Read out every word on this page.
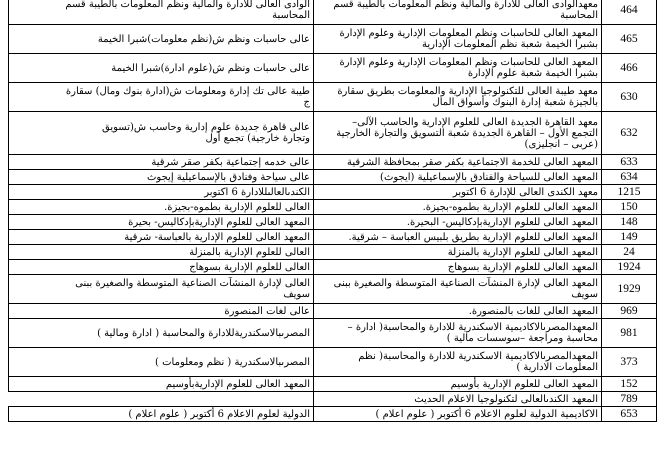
الوادى العالى للادارة والمالية ونظم المعلومات بالطيبة قسم
المحاسبة	معهدالوادى العالى للادارة والمالية ونظم المعلومات بالطيبة قسم
المحاسبة	464

عالى حاسبات ونظم ش(نظم معلومات)شبرا الخيمة	المعهد العالى للحاسبات ونظم المعلومات الإدارية وعلوم الإدارة
بشبرا الخيمة شعبة نظم المعلومات الإدارية	465

عالى حاسبات ونظم ش(علوم ادارة)شبرا الخيمة	المعهد العالى للحاسبات ونظم المعلومات الإدارية وعلوم الإدارة
بشبرا الخيمة شعبة علوم الإدارة	466

طيبة عالى تك إدارة ومعلومات ش(ادارة بنوك ومال) سقارة
ج	معهد طيبة العالى للتكنولوجيا الإدارية والمعلومات بطريق سقارة
بالجيزة شعبة إدارة البنوك وأسواق المال	630

عالى قاهرة جديدة علوم إدارية وحاسب ش(تسويق
وتجارة خارجية) تجمع أول	معهد القاهرة الجديدة العالى للعلوم الإدارية والحاسب الآلى–
التجمع الأول – القاهرة الجديدة شعبة التسويق والتجارة الخارجية
(عربى – انجليزى)	632

عالى خدمه إجتماعية بكفر صقر شرقية	المعهد العالى للخدمة الاجتماعية بكفر صقر بمحافظة الشرقية	633

عالى سياحة وفنادق بالإسماعيلية إيجوث	المعهد العالى للسياحة والفنادق بالإسماعيلية (ايجوث)	634

الكندىالعالىللادارة 6 اكتوبر	معهد الكندى العالى للإدارة 6 اكتوبر	1215

العالى للعلوم الإدارية بطموه-بجيزة.	المعهد العالى للعلوم الإدارية بطموه-بجيزة.	150

المعهد العالى للعلوم الإداريةبإدكاليس- بحيرة	المعهد العالى للعلوم الإداريةبإدكاليس- البحيرة.	148

المعهد العالى للعلوم الإدارية بالعباسة- شرقية	المعهد العالى للعلوم الإدارية بطريق بلبيس العباسة – شرقية.	149

العالى للعلوم الإدارية بالمنزلة	المعهد العالى للعلوم الإدارية بالمنزلة	24

العالى للعلوم الإدارية بسوهاج	المعهد العالى للعلوم الإدارية بسوهاج	1924

العالى لإدارة المنشآت الصناعية المتوسطة والصغيرة ببنى
سويف	المعهد العالى لإدارة المنشآت الصناعية المتوسطة والصغيرة ببنى
سويف	1929

عالى لغات المنصورة	المعهد العالى للغات بالمنصورة.	969

المصرىبالاسكندريةللادارة والمحاسبة ( ادارة ومالية )	المعهدالمصرىالاكاديمية الاسكندرية للادارة والمحاسبة( ادارة –
محاسبة ومراجعة –سوسسات مالية )	981

المصرىبالاسكندرية ( نظم ومعلومات )	المعهدالمصرىالاكاديمية الاسكندرية للادارة والمحاسبة( نظم
المعلومات الادارية )	373

المعهد العالى للعلوم الإداريةبأوسيم	المعهد العالى للعلوم الإدارية بأوسيم	152

	المعهد الكندىالعالى لتكنولوجيا الاعلام الحديث	789

الدولية لعلوم الاعلام 6 أكتوبر ( علوم اعلام )	الاكاديمية الدولية لعلوم الاعلام 6 أكتوبر ( علوم اعلام )	653
